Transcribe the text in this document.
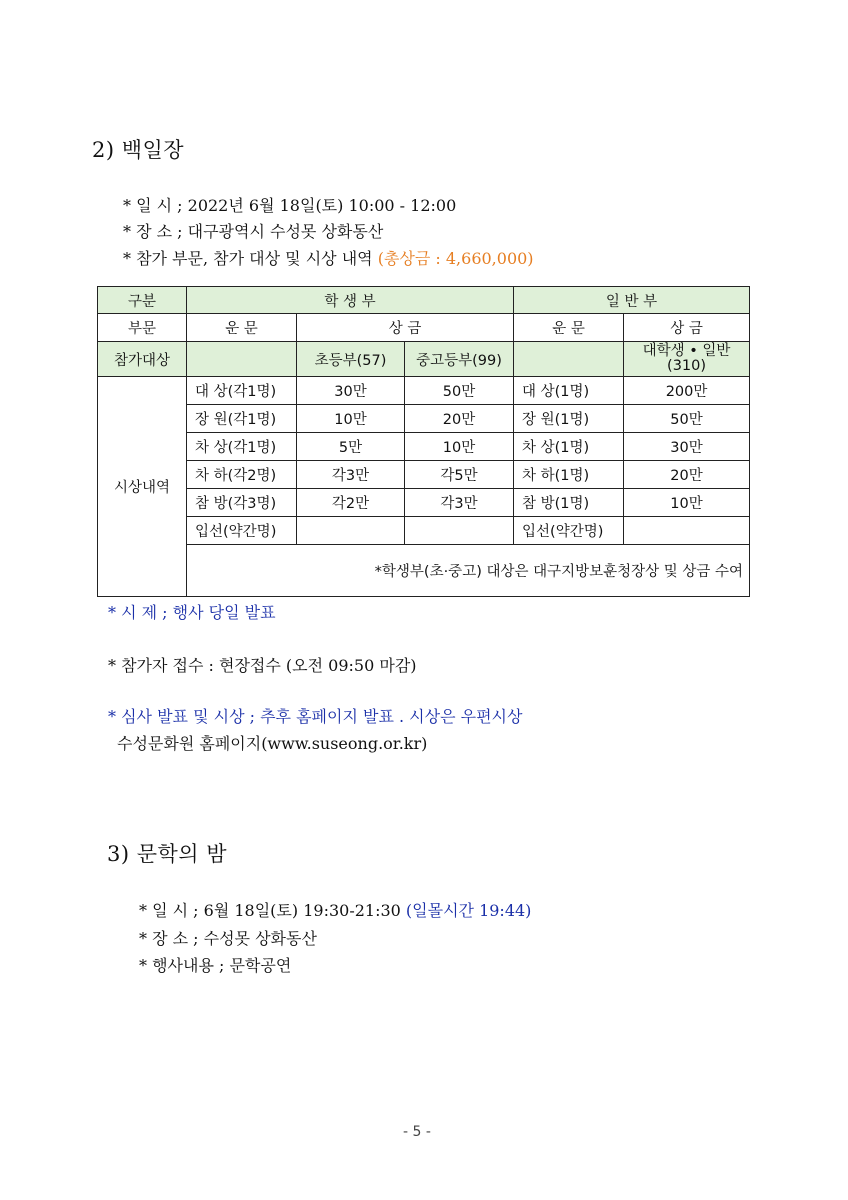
2) 백일장
* 일 시 ; 2022년 6월 18일(토) 10:00 - 12:00
* 장 소 ; 대구광역시 수성못 상화동산
* 참가 부문, 참가 대상 및 시상 내역 (총상금 : 4,660,000)
구분	학 생 부			일 반 부	
부문	운 문	상 금		운 문	상 금
참가대상		초등부(57)	중고등부(99)		대학생 • 일반
(310)
시상내역	대 상(각1명)	30만	50만	대 상(1명)	200만
	장 원(각1명)	10만	20만	장 원(1명)	50만
	차 상(각1명)	5만	10만	차 상(1명)	30만
	차 하(각2명)	각3만	각5만	차 하(1명)	20만
	참 방(각3명)	각2만	각3만	참 방(1명)	10만
	입선(약간명)			입선(약간명)	
	*학생부(초·중고) 대상은 대구지방보훈청장상 및 상금 수여				
* 시 제 ; 행사 당일 발표
* 참가자 접수 : 현장접수 (오전 09:50 마감)
* 심사 발표 및 시상 ; 추후 홈페이지 발표 . 시상은 우편시상
수성문화원 홈페이지(www.suseong.or.kr)
3) 문학의 밤
* 일 시 ; 6월 18일(토) 19:30-21:30 (일몰시간 19:44)
* 장 소 ; 수성못 상화동산
* 행사내용 ; 문학공연
- 5 -
